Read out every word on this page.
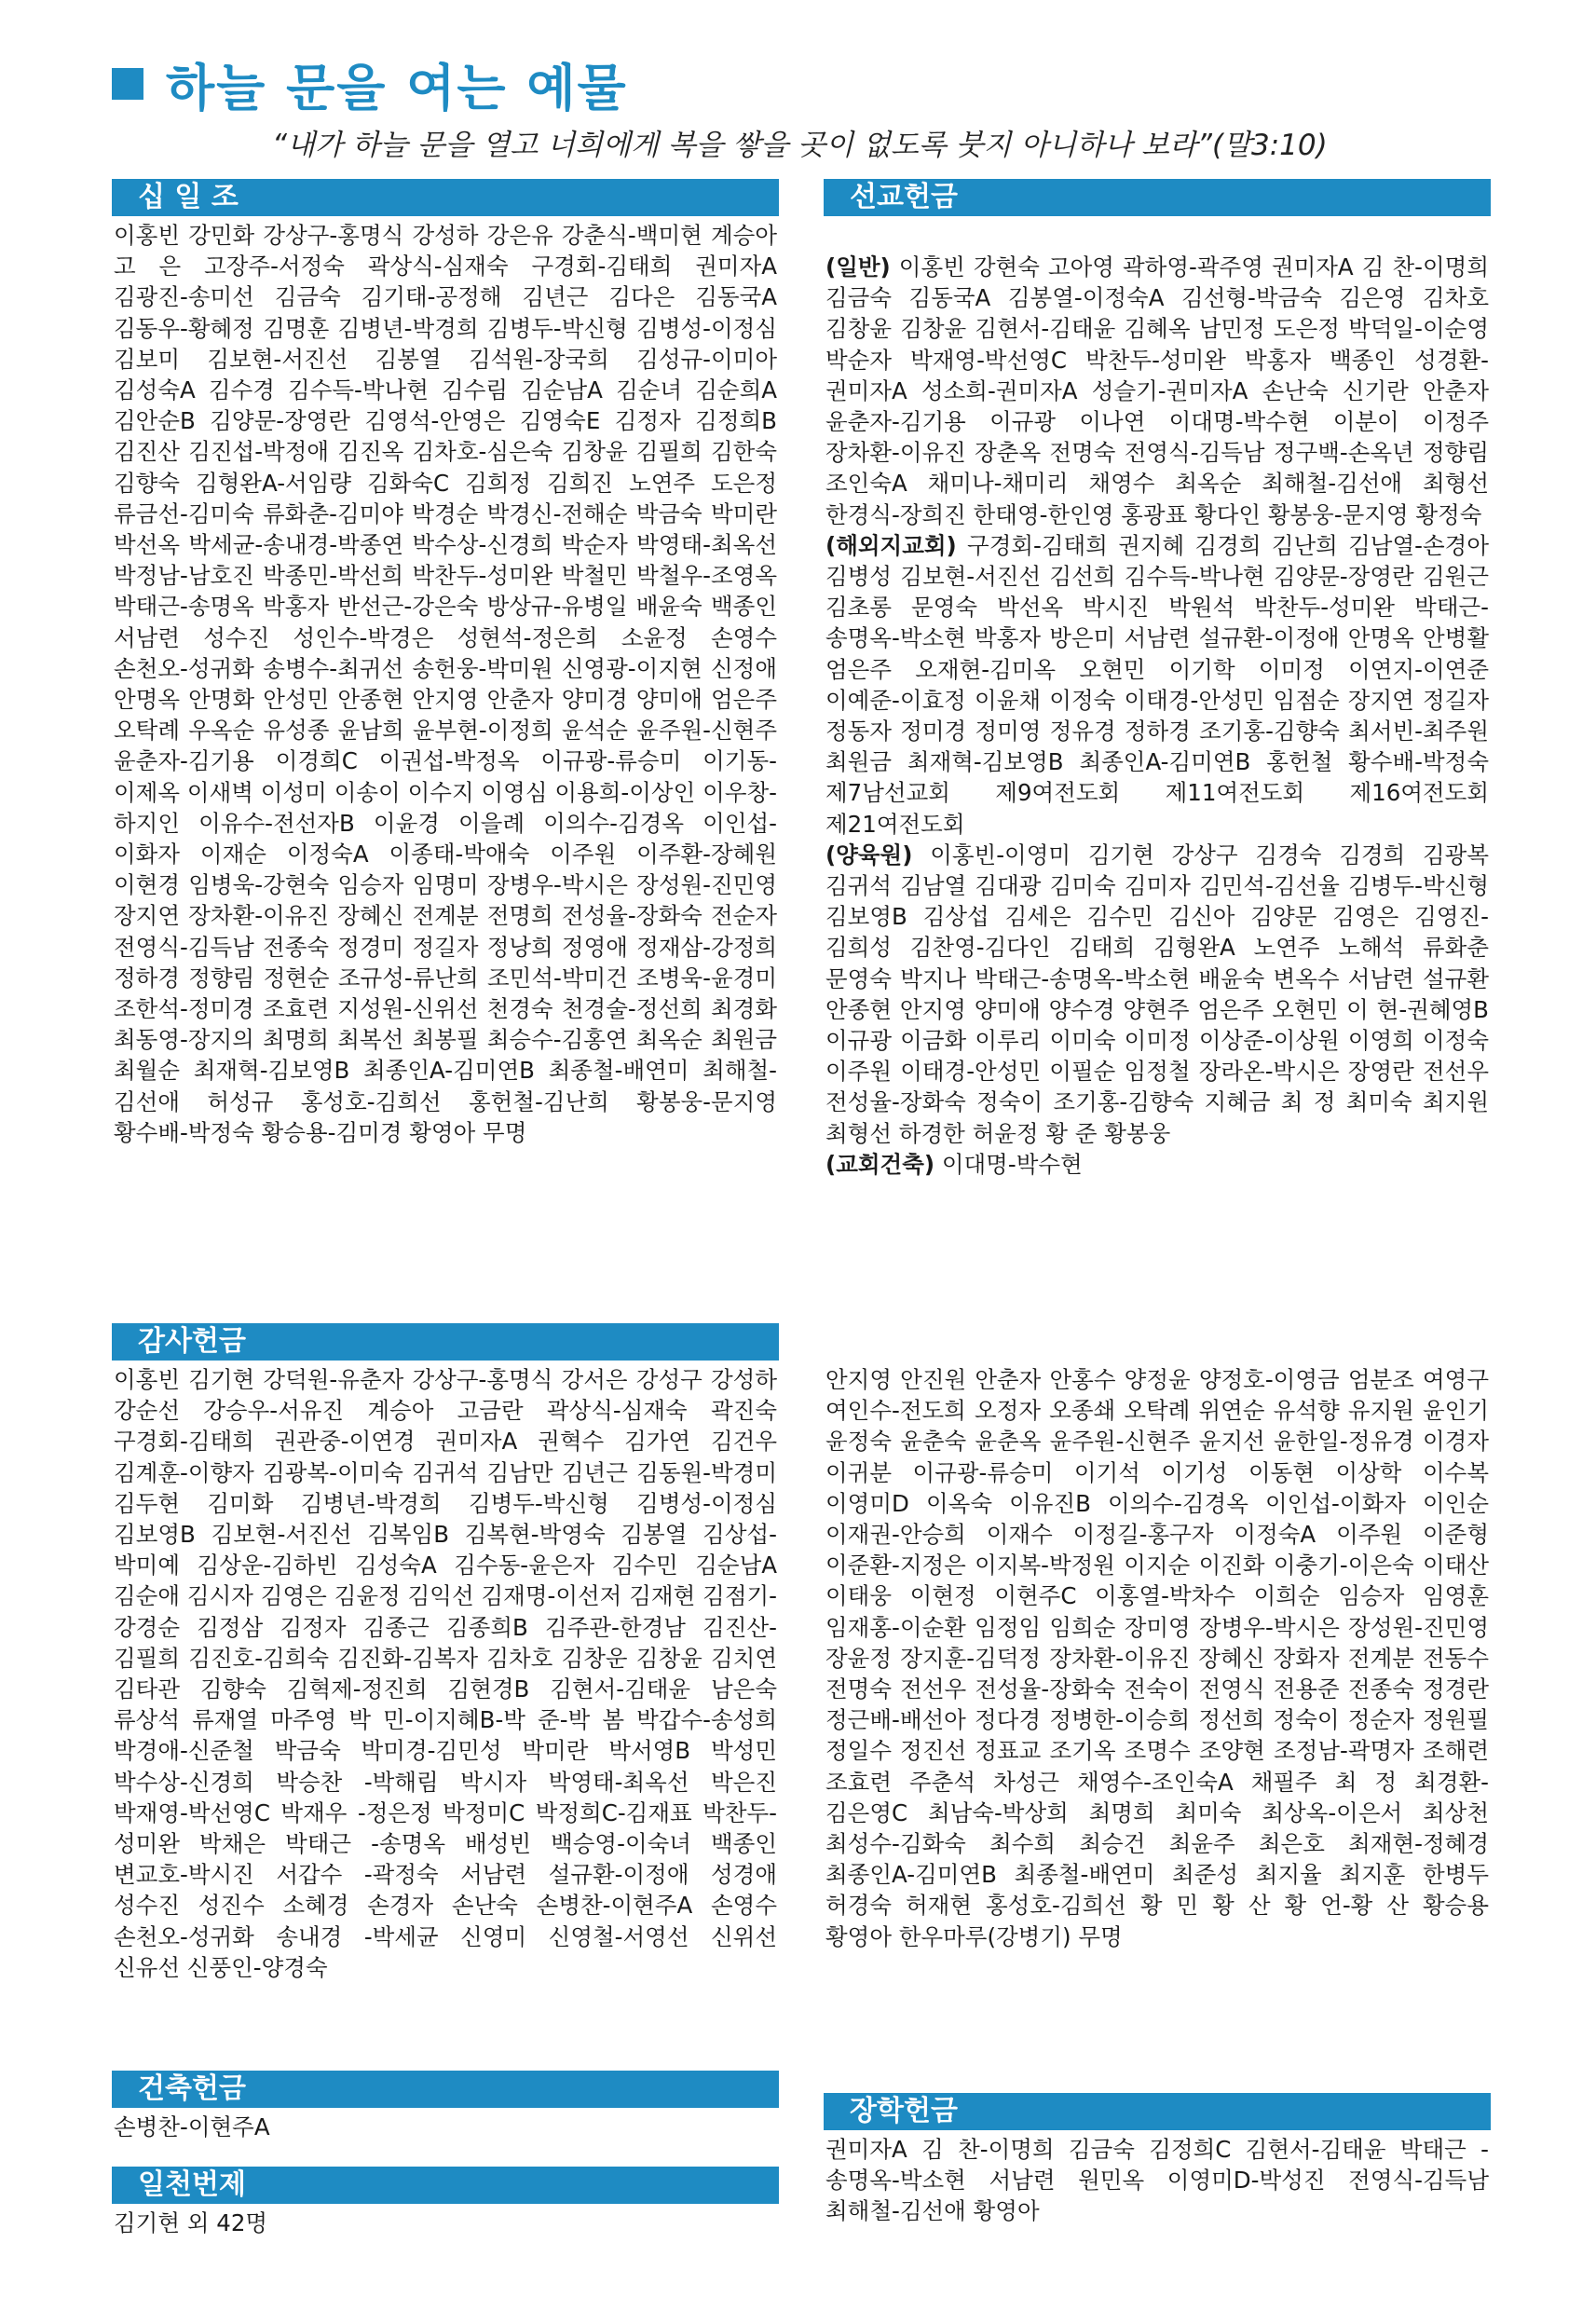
하늘 문을 여는 예물
“내가 하늘 문을 열고 너희에게 복을 쌓을 곳이 없도록 붓지 아니하나 보라”(말3:10)
십 일 조
이홍빈 강민화 강상구-홍명식 강성하 강은유 강춘식-백미현 계승아 고 은 고장주-서정숙 곽상식-심재숙 구경회-김태희 권미자A 김광진-송미선 김금숙 김기태-공정해 김년근 김다은 김동국A 김동우-황혜정 김명훈 김병년-박경희 김병두-박신형 김병성-이정심 김보미 김보현-서진선 김봉열 김석원-장국희 김성규-이미아 김성숙A 김수경 김수득-박나현 김수림 김순남A 김순녀 김순희A 김안순B 김양문-장영란 김영석-안영은 김영숙E 김정자 김정희B 김진산 김진섭-박정애 김진옥 김차호-심은숙 김창윤 김필희 김한숙 김향숙 김형완A-서임량 김화숙C 김희정 김희진 노연주 도은정 류금선-김미숙 류화춘-김미야 박경순 박경신-전해순 박금숙 박미란 박선옥 박세균-송내경-박종연 박수상-신경희 박순자 박영태-최옥선 박정남-남호진 박종민-박선희 박찬두-성미완 박철민 박철우-조영옥 박태근-송명옥 박홍자 반선근-강은숙 방상규-유병일 배윤숙 백종인 서남련 성수진 성인수-박경은 성현석-정은희 소윤정 손영수 손천오-성귀화 송병수-최귀선 송헌웅-박미원 신영광-이지현 신정애 안명옥 안명화 안성민 안종현 안지영 안춘자 양미경 양미애 엄은주 오탁례 우옥순 유성종 윤남희 윤부현-이정희 윤석순 윤주원-신현주 윤춘자-김기용 이경희C 이권섭-박정옥 이규광-류승미 이기동-이제옥 이새벽 이성미 이송이 이수지 이영심 이용희-이상인 이우창-하지인 이유수-전선자B 이윤경 이을례 이의수-김경옥 이인섭-이화자 이재순 이정숙A 이종태-박애숙 이주원 이주환-장혜원 이현경 임병욱-강현숙 임승자 임명미 장병우-박시은 장성원-진민영 장지연 장차환-이유진 장혜신 전계분 전명희 전성율-장화숙 전순자 전영식-김득남 전종숙 정경미 정길자 정낭희 정영애 정재삼-강정희 정하경 정향림 정현순 조규성-류난희 조민석-박미건 조병욱-윤경미 조한석-정미경 조효련 지성원-신위선 천경숙 천경술-정선희 최경화 최동영-장지의 최명희 최복선 최봉필 최승수-김홍연 최옥순 최원금 최월순 최재혁-김보영B 최종인A-김미연B 최종철-배연미 최해철-김선애 허성규 홍성호-김희선 홍헌철-김난희 황봉웅-문지영 황수배-박정숙 황승용-김미경 황영아 무명
선교헌금

(일반) 이홍빈 강현숙 고아영 곽하영-곽주영 권미자A 김 찬-이명희 김금숙 김동국A 김봉열-이정숙A 김선형-박금숙 김은영 김차호 김창윤 김창윤 김현서-김태윤 김혜옥 남민정 도은정 박덕일-이순영 박순자 박재영-박선영C 박찬두-성미완 박홍자 백종인 성경환-권미자A 성소희-권미자A 성슬기-권미자A 손난숙 신기란 안춘자 윤춘자-김기용 이규광 이나연 이대명-박수현 이분이 이정주 장차환-이유진 장춘옥 전명숙 전영식-김득남 정구백-손옥년 정향림 조인숙A 채미나-채미리 채영수 최옥순 최해철-김선애 최형선 한경식-장희진 한태영-한인영 홍광표 황다인 황봉웅-문지영 황정숙

(해외지교회) 구경회-김태희 권지혜 김경희 김난희 김남열-손경아 김병성 김보현-서진선 김선희 김수득-박나현 김양문-장영란 김원근 김초롱 문영숙 박선옥 박시진 박원석 박찬두-성미완 박태근-송명옥-박소현 박홍자 방은미 서남련 설규환-이정애 안명옥 안병활 엄은주 오재현-김미옥 오현민 이기학 이미정 이연지-이연준 이예준-이효정 이윤채 이정숙 이태경-안성민 임점순 장지연 정길자 정동자 정미경 정미영 정유경 정하경 조기홍-김향숙 최서빈-최주원 최원금 최재혁-김보영B 최종인A-김미연B 홍헌철 황수배-박정숙 제7남선교회 제9여전도회 제11여전도회 제16여전도회 제21여전도회

(양육원) 이홍빈-이영미 김기현 강상구 김경숙 김경희 김광복 김귀석 김남열 김대광 김미숙 김미자 김민석-김선율 김병두-박신형 김보영B 김상섭 김세은 김수민 김신아 김양문 김영은 김영진-김희성 김찬영-김다인 김태희 김형완A 노연주 노해석 류화춘 문영숙 박지나 박태근-송명옥-박소현 배윤숙 변옥수 서남련 설규환 안종현 안지영 양미애 양수경 양현주 엄은주 오현민 이 현-권혜영B 이규광 이금화 이루리 이미숙 이미정 이상준-이상원 이영희 이정숙 이주원 이태경-안성민 이필순 임정철 장라온-박시은 장영란 전선우 전성율-장화숙 정숙이 조기홍-김향숙 지혜금 최 정 최미숙 최지원 최형선 하경한 허윤정 황 준 황봉웅

(교회건축) 이대명-박수현

감사헌금
이홍빈 김기현 강덕원-유춘자 강상구-홍명식 강서은 강성구 강성하 강순선 강승우-서유진 계승아 고금란 곽상식-심재숙 곽진숙 구경회-김태희 권관중-이연경 권미자A 권혁수 김가연 김건우 김계훈-이향자 김광복-이미숙 김귀석 김남만 김년근 김동원-박경미 김두현 김미화 김병년-박경희 김병두-박신형 김병성-이정심 김보영B 김보현-서진선 김복임B 김복현-박영숙 김봉열 김상섭-박미예 김상운-김하빈 김성숙A 김수동-윤은자 김수민 김순남A 김순애 김시자 김영은 김윤정 김익선 김재명-이선저 김재현 김점기-강경순 김정삼 김정자 김종근 김종희B 김주관-한경남 김진산-김필희 김진호-김희숙 김진화-김복자 김차호 김창운 김창윤 김치연 김타관 김향숙 김혁제-정진희 김현경B 김현서-김태윤 남은숙 류상석 류재열 마주영 박 민-이지혜B-박 준-박 봄 박갑수-송성희 박경애-신준철 박금숙 박미경-김민성 박미란 박서영B 박성민 박수상-신경희 박승찬 -박해림 박시자 박영태-최옥선 박은진 박재영-박선영C 박재우 -정은정 박정미C 박정희C-김재표 박찬두-성미완 박채은 박태근 -송명옥 배성빈 백승영-이숙녀 백종인 변교호-박시진 서갑수 -곽정숙 서남련 설규환-이정애 성경애 성수진 성진수 소혜경 손경자 손난숙 손병찬-이현주A 손영수 손천오-성귀화 송내경 -박세균 신영미 신영철-서영선 신위선 신유선 신풍인-양경숙
안지영 안진원 안춘자 안홍수 양정윤 양정호-이영금 엄분조 여영구 여인수-전도희 오정자 오종쇄 오탁례 위연순 유석향 유지원 윤인기 윤정숙 윤춘숙 윤춘옥 윤주원-신현주 윤지선 윤한일-정유경 이경자 이귀분 이규광-류승미 이기석 이기성 이동현 이상학 이수복 이영미D 이옥숙 이유진B 이의수-김경옥 이인섭-이화자 이인순 이재권-안승희 이재수 이정길-홍구자 이정숙A 이주원 이준형 이준환-지정은 이지복-박정원 이지순 이진화 이충기-이은숙 이태산 이태웅 이현정 이현주C 이홍열-박차수 이희순 임승자 임영훈 임재홍-이순환 임정임 임희순 장미영 장병우-박시은 장성원-진민영 장윤정 장지훈-김덕정 장차환-이유진 장혜신 장화자 전계분 전동수 전명숙 전선우 전성율-장화숙 전숙이 전영식 전용준 전종숙 정경란 정근배-배선아 정다경 정병한-이승희 정선희 정숙이 정순자 정원필 정일수 정진선 정표교 조기옥 조명수 조양현 조정남-곽명자 조해련 조효련 주춘석 차성근 채영수-조인숙A 채필주 최 정 최경환-김은영C 최남숙-박상희 최명희 최미숙 최상옥-이은서 최상천 최성수-김화숙 최수희 최승건 최윤주 최은호 최재현-정혜경 최종인A-김미연B 최종철-배연미 최준성 최지율 최지훈 한병두 허경숙 허재현 홍성호-김희선 황 민 황 산 황 언-황 산 황승용 황영아 한우마루(강병기) 무명
건축헌금
손병찬-이현주A
일천번제
김기현 외 42명
장학헌금
권미자A 김 찬-이명희 김금숙 김정희C 김현서-김태윤 박태근 -송명옥-박소현 서남련 원민옥 이영미D-박성진 전영식-김득남 최해철-김선애 황영아
